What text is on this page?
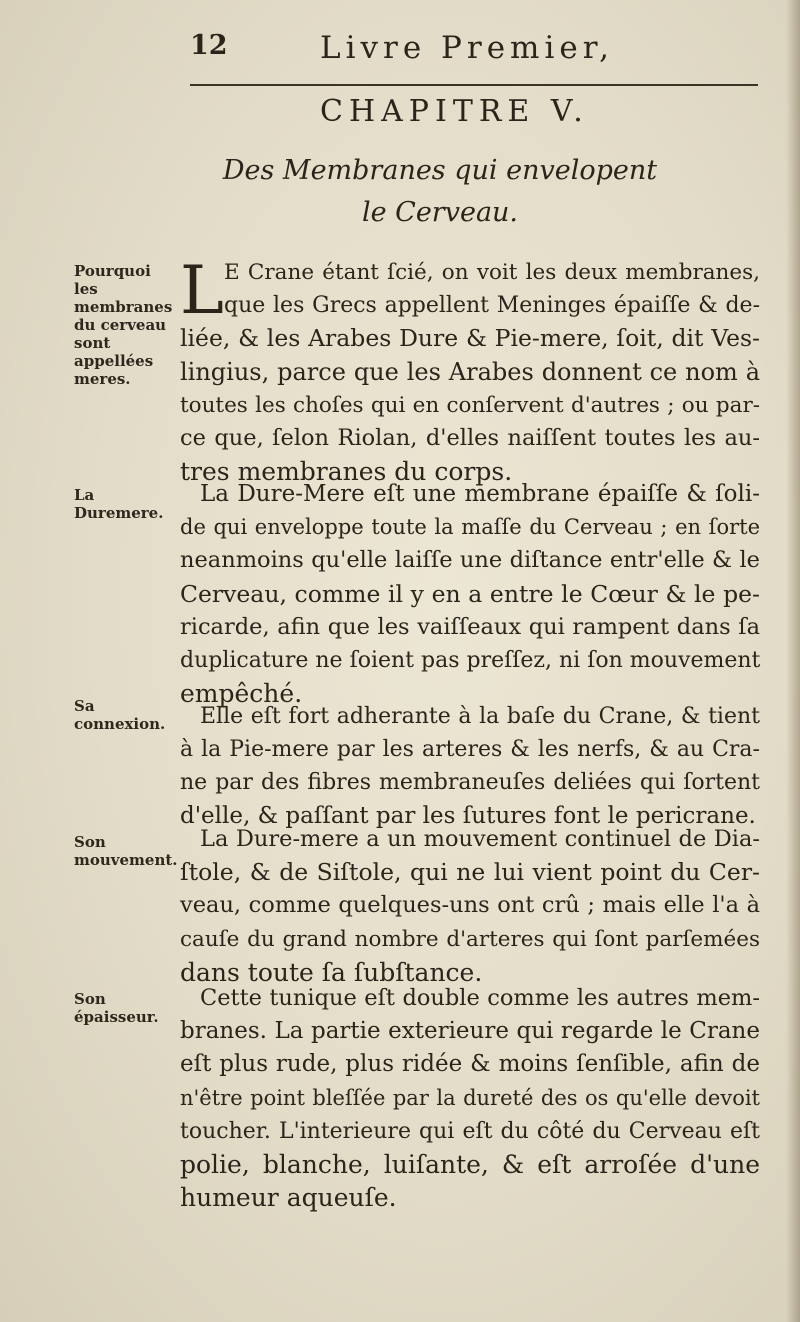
12	Livre Premier,
CHAPITRE V.
Des Membranes qui envelopent
le Cerveau.
Pourquoi les membranes du cerveau sont appellées meres.
La Duremere.
Sa connexion.
Son mouvement.
Son épaisseur.
L E Crane étant ſcié, on voit les deux membranes,
que les Grecs appellent Meninges épaiſſe & de-
liée, & les Arabes Dure & Pie-mere, ſoit, dit Ves-
lingius, parce que les Arabes donnent ce nom à
toutes les choſes qui en conſervent d'autres ; ou par-
ce que, ſelon Riolan, d'elles naiſſent toutes les au-
tres membranes du corps.
La Dure-Mere eſt une membrane épaiſſe & ſoli-
de qui enveloppe toute la maſſe du Cerveau ; en ſorte
neanmoins qu'elle laiſſe une diſtance entr'elle & le
Cerveau, comme il y en a entre le Cœur & le pe-
ricarde, afin que les vaiſſeaux qui rampent dans ſa
duplicature ne ſoient pas preſſez, ni ſon mouvement
empêché.
Elle eſt fort adherante à la baſe du Crane, & tient
à la Pie-mere par les arteres & les nerfs, & au Cra-
ne par des fibres membraneuſes deliées qui ſortent
d'elle, & paſſant par les ſutures font le pericrane.
La Dure-mere a un mouvement continuel de Dia-
ſtole, & de Siſtole, qui ne lui vient point du Cer-
veau, comme quelques-uns ont crû ; mais elle l'a à
cauſe du grand nombre d'arteres qui ſont parſemées
dans toute ſa ſubſtance.
Cette tunique eſt double comme les autres mem-
branes. La partie exterieure qui regarde le Crane
eſt plus rude, plus ridée & moins ſenſible, afin de
n'être point bleſſée par la dureté des os qu'elle devoit
toucher. L'interieure qui eſt du côté du Cerveau eſt
polie, blanche, luiſante, & eſt arroſée d'une
humeur aqueuſe.
